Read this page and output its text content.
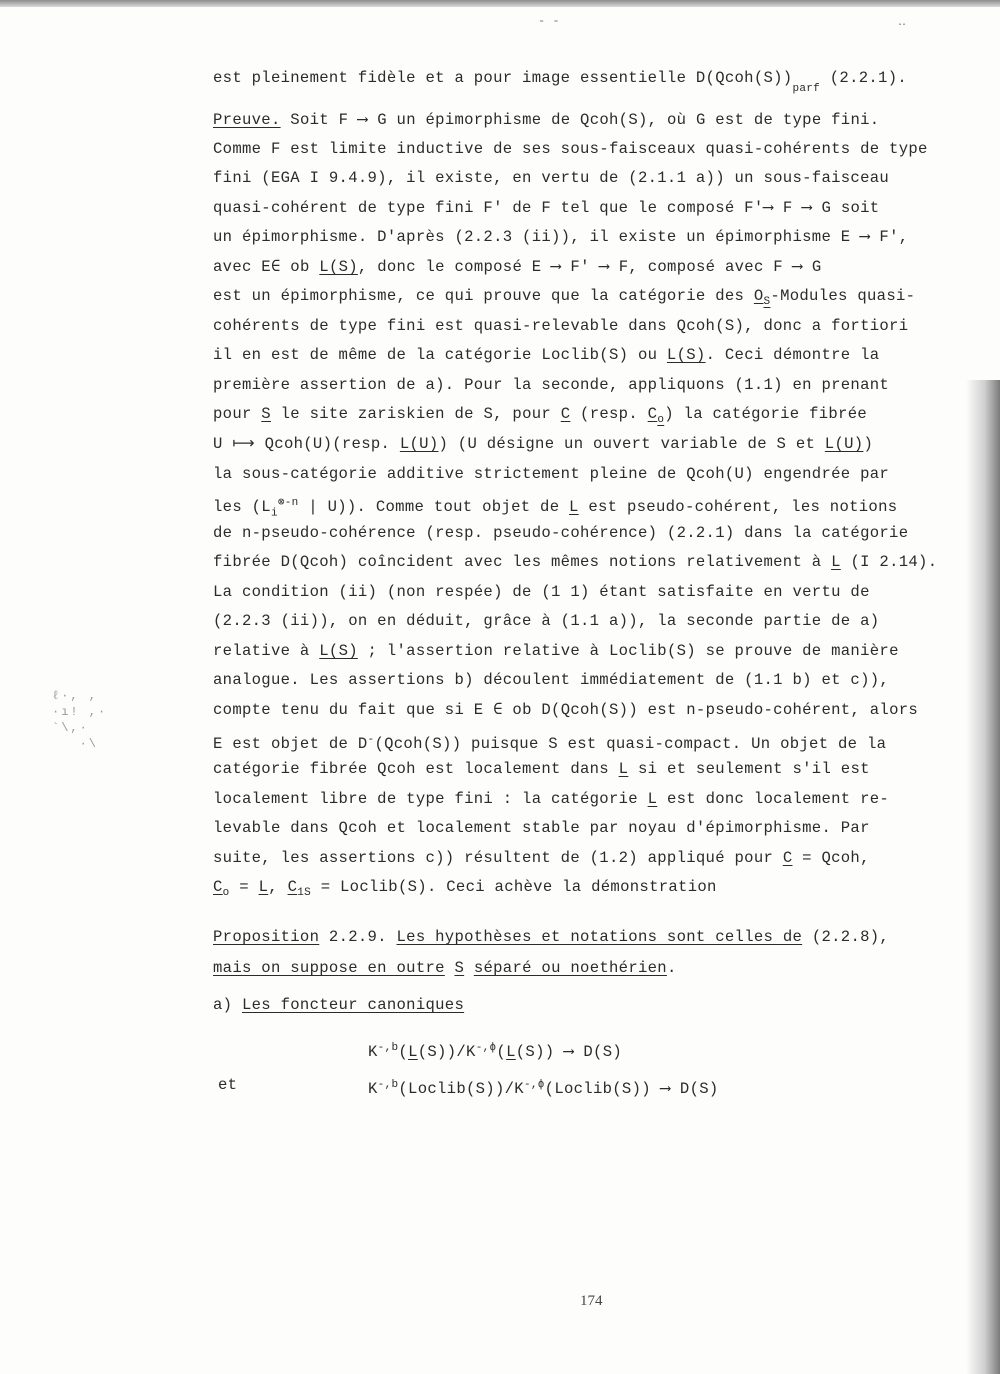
- -	‥
ℓ·, ,
·ı! ,·
`\,·
·\
est pleinement fidèle et a pour image essentielle $D(Qcoh(S))_{parf}$ (2.2.1).
Preuve. Soit F ⟶ G un épimorphisme de Qcoh(S), où G est de type fini.
Comme F est limite inductive de ses sous-faisceaux quasi-cohérents de type
fini (EGA I 9.4.9), il existe, en vertu de (2.1.1 a)) un sous-faisceau
quasi-cohérent de type fini F' de F tel que le composé F'⟶ F ⟶ G soit
un épimorphisme. D'après (2.2.3 (ii)), il existe un épimorphisme E ⟶ F',
avec E∈ ob L(S), donc le composé E ⟶ F' ⟶ F, composé avec F ⟶ G
est un épimorphisme, ce qui prouve que la catégorie des $O_S$-Modules quasi-
cohérents de type fini est quasi-relevable dans Qcoh(S), donc a fortiori
il en est de même de la catégorie Loclib(S) ou L(S). Ceci démontre la
première assertion de a). Pour la seconde, appliquons (1.1) en prenant
pour S le site zariskien de S, pour C (resp. $C_o$) la catégorie fibrée
U ⟼ Qcoh(U)(resp. L(U)) (U désigne un ouvert variable de S et L(U))
la sous-catégorie additive strictement pleine de Qcoh(U) engendrée par
les ($L_i^{\otimes-n}$ | U)). Comme tout objet de L est pseudo-cohérent, les notions
de n-pseudo-cohérence (resp. pseudo-cohérence) (2.2.1) dans la catégorie
fibrée D(Qcoh) coîncident avec les mêmes notions relativement à L (I 2.14).
La condition (ii) (non respée) de (1 1) étant satisfaite en vertu de
(2.2.3 (ii)), on en déduit, grâce à (1.1 a)), la seconde partie de a)
relative à L(S) ; l'assertion relative à Loclib(S) se prouve de manière
analogue. Les assertions b) découlent immédiatement de (1.1 b) et c)),
compte tenu du fait que si E ∈ ob D(Qcoh(S)) est n-pseudo-cohérent, alors
E est objet de D-(Qcoh(S)) puisque S est quasi-compact. Un objet de la
catégorie fibrée Qcoh est localement dans L si et seulement s'il est
localement libre de type fini : la catégorie L est donc localement re-
levable dans Qcoh et localement stable par noyau d'épimorphisme. Par
suite, les assertions c)) résultent de (1.2) appliqué pour C = Qcoh,
$C_o = L$, $C_{1S}$ = Loclib(S). Ceci achève la démonstration
Proposition 2.2.9. Les hypothèses et notations sont celles de (2.2.8),
mais on suppose en outre S séparé ou noethérien.
a) Les foncteur canoniques
$K^{-,b}(L(S))/K^{-,\phi}(L(S))$ ⟶ D(S)
et	$K^{-,b}(Loclib(S))/K^{-,\phi}(Loclib(S))$ ⟶ D(S)
174
